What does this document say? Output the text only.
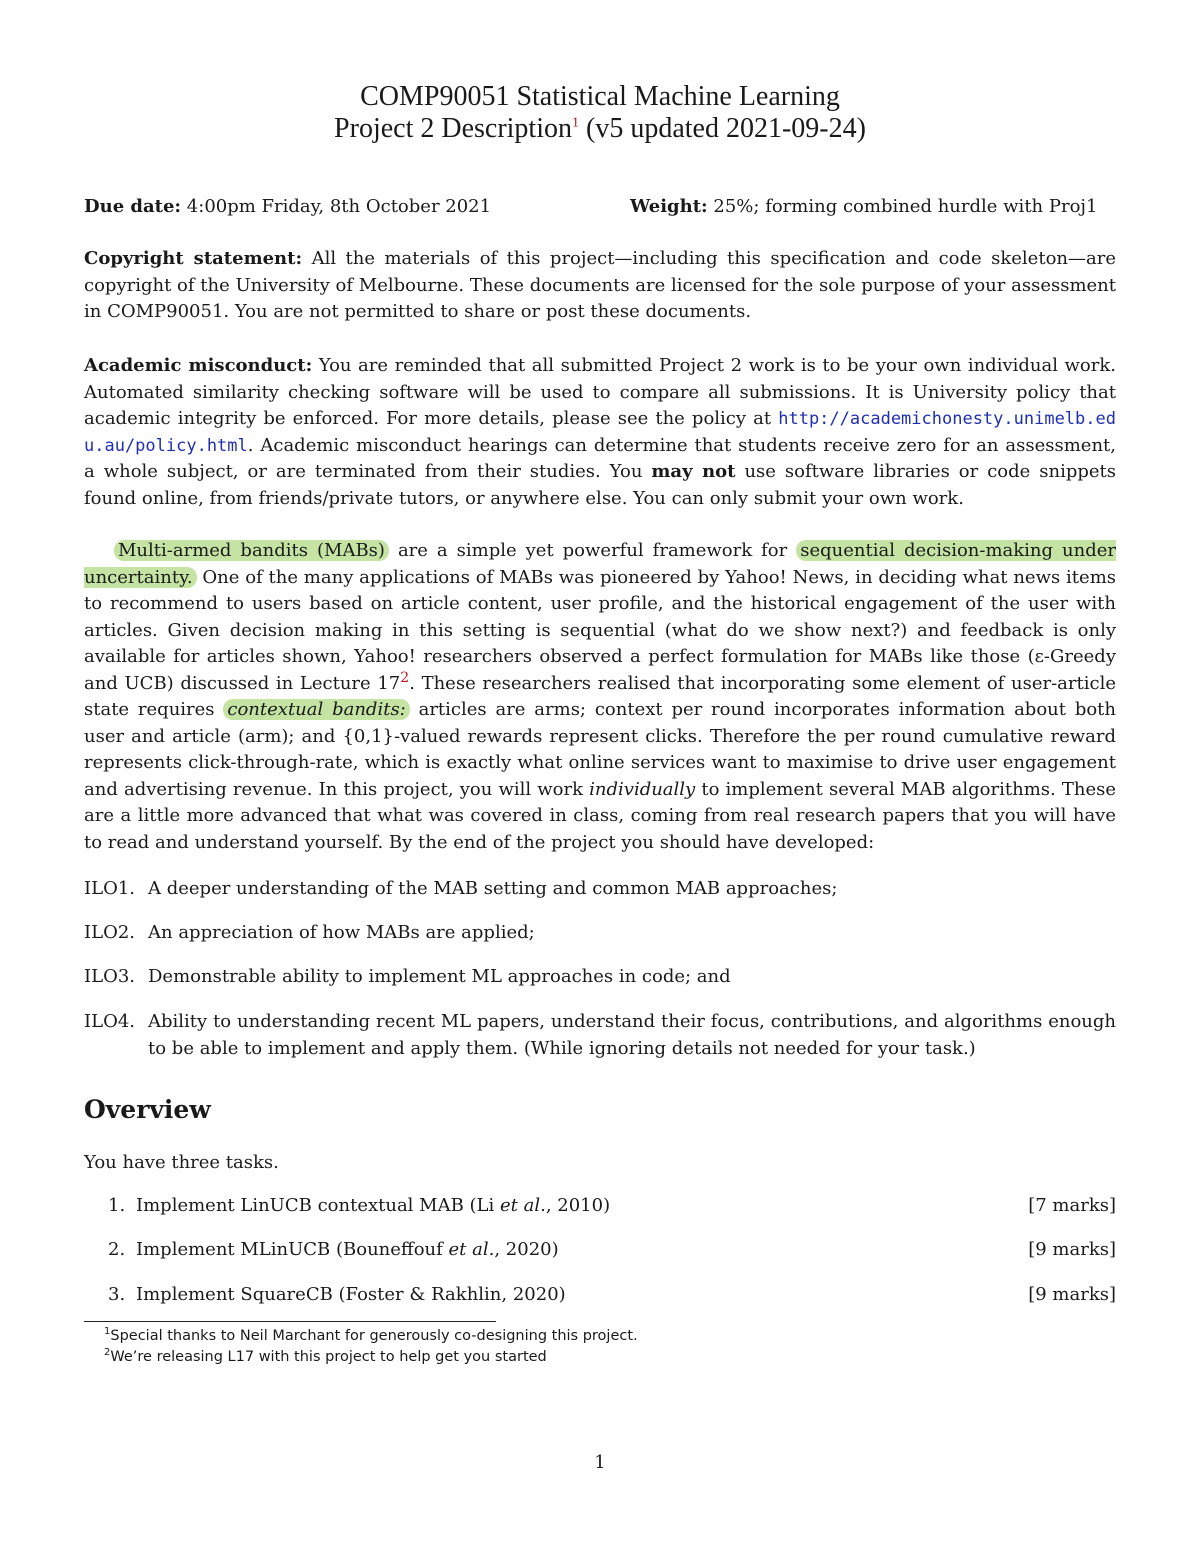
COMP90051 Statistical Machine Learning
Project 2 Description$^1$ (v5 updated 2021-09-24)
Due date: 4:00pm Friday, 8th October 2021	Weight: 25%; forming combined hurdle with Proj1

Copyright statement: All the materials of this project—including this specification and code skeleton—are copyright of the University of Melbourne. These documents are licensed for the sole purpose of your assessment in COMP90051. You are not permitted to share or post these documents.

Academic misconduct: You are reminded that all submitted Project 2 work is to be your own individual work. Automated similarity checking software will be used to compare all submissions. It is University policy that academic integrity be enforced. For more details, please see the policy at http://academichonesty.unimelb.edu.au/policy.html. Academic misconduct hearings can determine that students receive zero for an assessment, a whole subject, or are terminated from their studies. You may not use software libraries or code snippets found online, from friends/private tutors, or anywhere else. You can only submit your own work.

Multi-armed bandits (MABs) are a simple yet powerful framework for sequential decision-making under uncertainty. One of the many applications of MABs was pioneered by Yahoo! News, in deciding what news items to recommend to users based on article content, user profile, and the historical engagement of the user with articles. Given decision making in this setting is sequential (what do we show next?) and feedback is only available for articles shown, Yahoo! researchers observed a perfect formulation for MABs like those (ε-Greedy and UCB) discussed in Lecture 17$^2$. These researchers realised that incorporating some element of user-article state requires contextual bandits: articles are arms; context per round incorporates information about both user and article (arm); and {0,1}-valued rewards represent clicks. Therefore the per round cumulative reward represents click-through-rate, which is exactly what online services want to maximise to drive user engagement and advertising revenue. In this project, you will work individually to implement several MAB algorithms. These are a little more advanced that what was covered in class, coming from real research papers that you will have to read and understand yourself. By the end of the project you should have developed:

ILO1. A deeper understanding of the MAB setting and common MAB approaches;
ILO2. An appreciation of how MABs are applied;
ILO3. Demonstrable ability to implement ML approaches in code; and
ILO4. Ability to understanding recent ML papers, understand their focus, contributions, and algorithms enough to be able to implement and apply them. (While ignoring details not needed for your task.)
Overview
You have three tasks.
1. Implement LinUCB contextual MAB (Li et al., 2010)	[7 marks]
2. Implement MLinUCB (Bouneffouf et al., 2020)	[9 marks]
3. Implement SquareCB (Foster & Rakhlin, 2020)	[9 marks]
$^1$Special thanks to Neil Marchant for generously co-designing this project.
$^2$We’re releasing L17 with this project to help get you started
1
